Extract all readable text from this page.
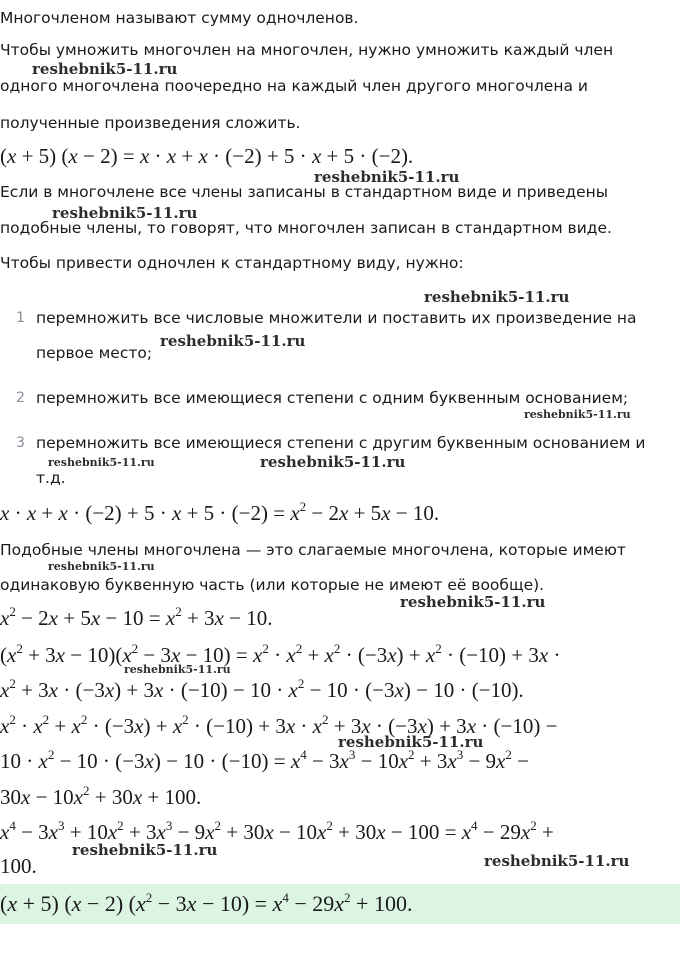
Многочленом называют сумму одночленов.
Чтобы умножить многочлен на многочлен, нужно умножить каждый член
одного многочлена поочередно на каждый член другого многочлена и
полученные произведения сложить.
(x + 5) (x − 2) = x · x + x · (−2) + 5 · x + 5 · (−2).
Если в многочлене все члены записаны в стандартном виде и приведены
подобные члены, то говорят, что многочлен записан в стандартном виде.
Чтобы привести одночлен к стандартному виду, нужно:
1 перемножить все числовые множители и поставить их произведение на
первое место;
2 перемножить все имеющиеся степени с одним буквенным основанием;
3 перемножить все имеющиеся степени с другим буквенным основанием и
т.д.
$x \cdot x + x \cdot (-2) + 5 \cdot x + 5 \cdot (-2) = x^2 - 2x + 5x - 10$.
Подобные члены многочлена — это слагаемые многочлена, которые имеют
одинаковую буквенную часть (или которые не имеют её вообще).
$x^2 - 2x + 5x - 10 = x^2 + 3x - 10$.
$(x^2 + 3x - 10)(x^2 - 3x - 10) = x^2 \cdot x^2 + x^2 \cdot (-3x) + x^2 \cdot (-10) + 3x$ ·
$x^2 + 3x \cdot (-3x) + 3x \cdot (-10) - 10 \cdot x^2 - 10 \cdot (-3x) - 10 \cdot (-10)$.
$x^2 \cdot x^2 + x^2 \cdot (-3x) + x^2 \cdot (-10) + 3x \cdot x^2 + 3x \cdot (-3x) + 3x \cdot (-10)$ −
$10 \cdot x^2 - 10 \cdot (-3x) - 10 \cdot (-10) = x^4 - 3x^3 - 10x^2 + 3x^3 - 9x^2$ −
$30x - 10x^2 + 30x + 100$.
$x^4 - 3x^3 + 10x^2 + 3x^3 - 9x^2 + 30x - 10x^2 + 30x - 100 = x^4 - 29x^2$ +
100.
(x + 5) (x − 2) $(x^2 - 3x - 10) = x^4 - 29x^2 + 100$.
reshebnik5-11.ru
reshebnik5-11.ru
reshebnik5-11.ru
reshebnik5-11.ru
reshebnik5-11.ru
reshebnik5-11.ru
reshebnik5-11.ru	reshebnik5-11.ru
reshebnik5-11.ru
reshebnik5-11.ru
reshebnik5-11.ru
reshebnik5-11.ru
reshebnik5-11.ru
reshebnik5-11.ru
